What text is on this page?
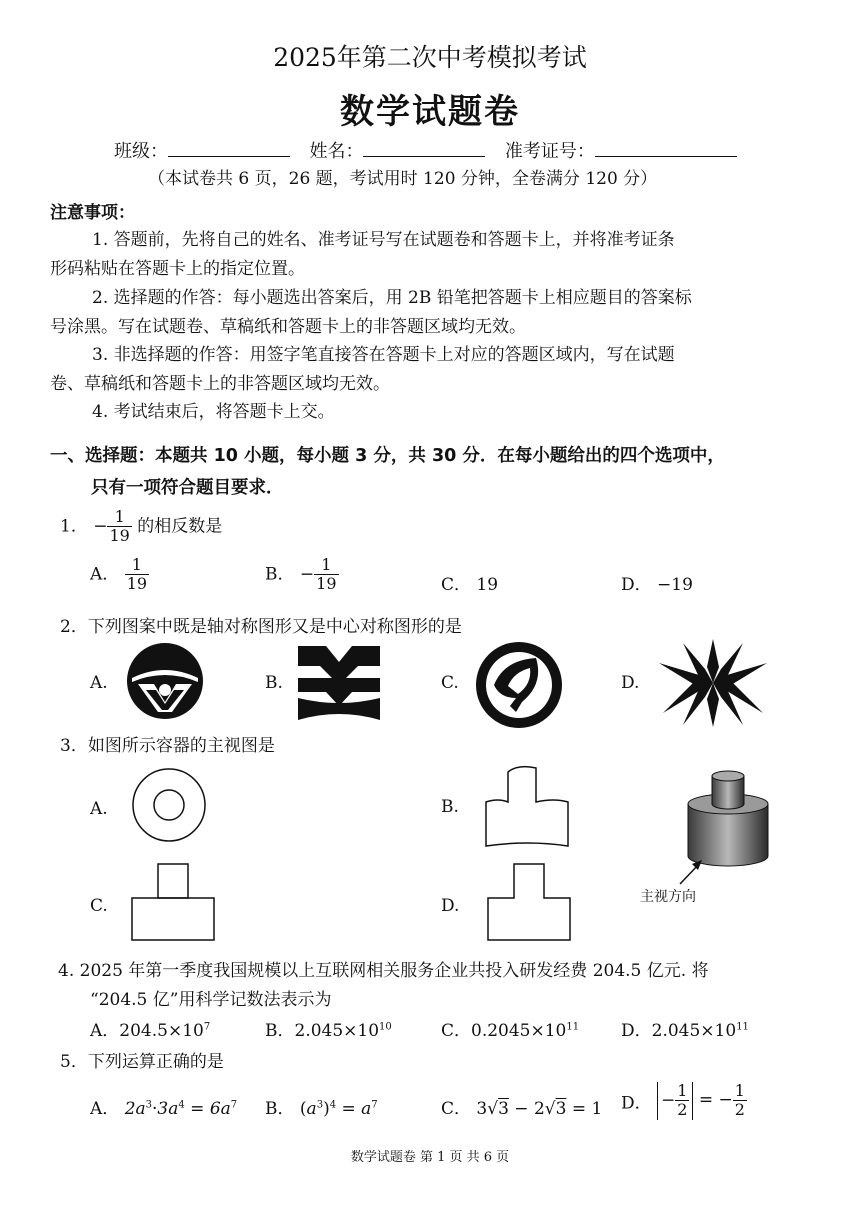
2025年第二次中考模拟考试
数学试题卷
班级：	姓名：	准考证号：
（本试卷共 6 页，26 题，考试用时 120 分钟，全卷满分 120 分）
注意事项：
1. 答题前，先将自己的姓名、准考证号写在试题卷和答题卡上，并将准考证条
形码粘贴在答题卡上的指定位置。
2. 选择题的作答：每小题选出答案后，用 2B 铅笔把答题卡上相应题目的答案标
号涂黑。写在试题卷、草稿纸和答题卡上的非答题区域均无效。
3. 非选择题的作答：用签字笔直接答在答题卡上对应的答题区域内，写在试题
卷、草稿纸和答题卡上的非答题区域均无效。
4. 考试结束后，将答题卡上交。
一、选择题：本题共 10 小题，每小题 3 分，共 30 分．在每小题给出的四个选项中，
只有一项符合题目要求．
1． − $\frac{1}{19}$ 的相反数是
A． $\frac{1}{19}$	B． − $\frac{1}{19}$	C． 19	D． −19
2．下列图案中既是轴对称图形又是中心对称图形的是
A.	B.	C.	D.
3．如图所示容器的主视图是
A.	B.
C.	D.	主视方向
4. 2025 年第一季度我国规模以上互联网相关服务企业共投入研发经费 204.5 亿元. 将
“204.5 亿”用科学记数法表示为
A．$204.5\times 10^7$	B．$2.045\times 10^{10}$	C．$0.2045\times 10^{11}$ D．$2.045\times 10^{11}$
5．下列运算正确的是
A． $2a^3\cdot 3a^4 = 6a^7$ B． $(a^3)^4 = a^7$	C． 3√3 − 2√3 = 1 D． − $\frac{1}{2}$ = − $\frac{1}{2}$
数学试题卷 第 1 页 共 6 页
